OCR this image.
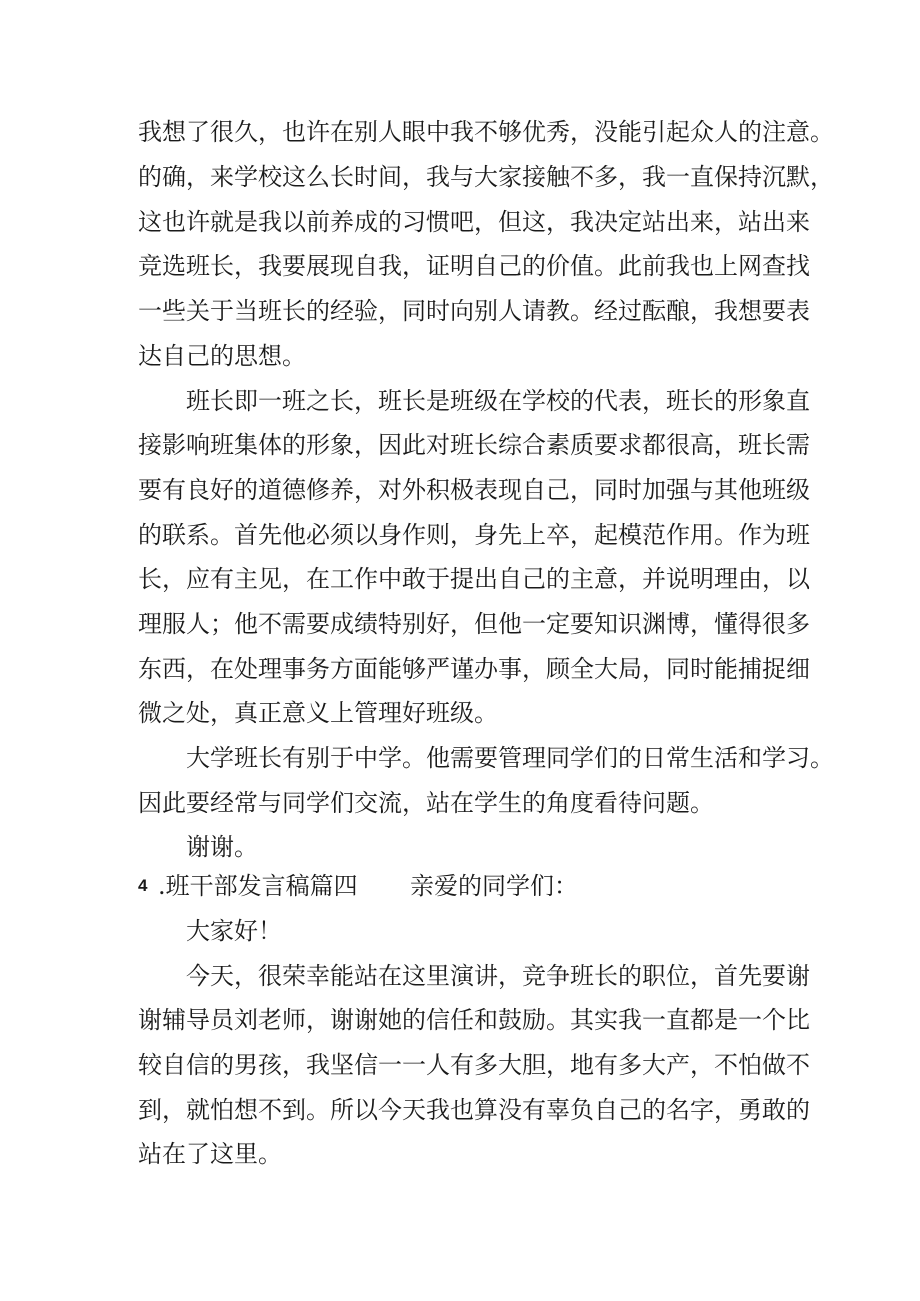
我想了很久，也许在别人眼中我不够优秀，没能引起众人的注意。
的确，来学校这么长时间，我与大家接触不多，我一直保持沉默，
这也许就是我以前养成的习惯吧，但这，我决定站出来，站出来
竞选班长，我要展现自我，证明自己的价值。此前我也上网查找
一些关于当班长的经验，同时向别人请教。经过酝酿，我想要表
达自己的思想。
班长即一班之长，班长是班级在学校的代表，班长的形象直
接影响班集体的形象，因此对班长综合素质要求都很高，班长需
要有良好的道德修养，对外积极表现自己，同时加强与其他班级
的联系。首先他必须以身作则，身先上卒，起模范作用。作为班
长，应有主见，在工作中敢于提出自己的主意，并说明理由，以
理服人；他不需要成绩特别好，但他一定要知识渊博，懂得很多
东西，在处理事务方面能够严谨办事，顾全大局，同时能捕捉细
微之处，真正意义上管理好班级。
大学班长有别于中学。他需要管理同学们的日常生活和学习。
因此要经常与同学们交流，站在学生的角度看待问题。
谢谢。
4 .班干部发言稿篇四 亲爱的同学们：
大家好！
今天，很荣幸能站在这里演讲，竞争班长的职位，首先要谢
谢辅导员刘老师，谢谢她的信任和鼓励。其实我一直都是一个比
较自信的男孩，我坚信一一人有多大胆，地有多大产，不怕做不
到，就怕想不到。所以今天我也算没有辜负自己的名字，勇敢的
站在了这里。
